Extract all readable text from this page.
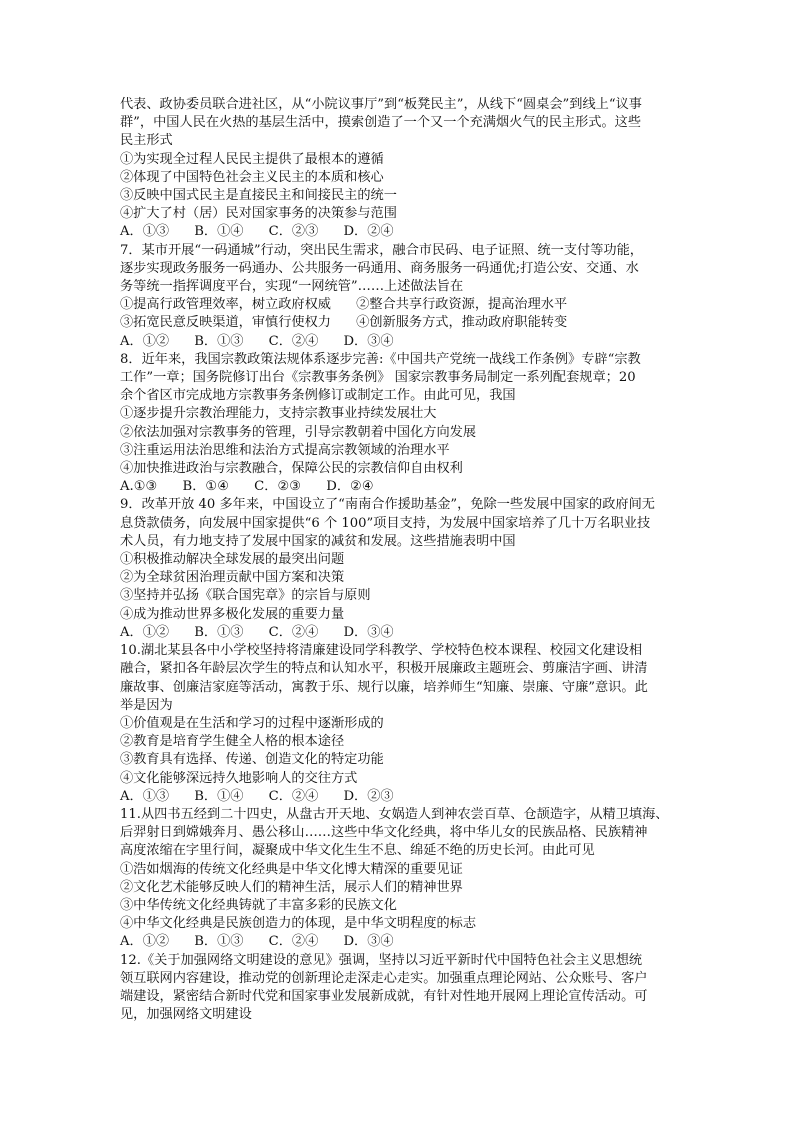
代表、政协委员联合进社区，从“小院议事厅”到“板凳民主”，从线下“圆桌会”到线上“议事
群”，中国人民在火热的基层生活中，摸索创造了一个又一个充满烟火气的民主形式。这些
民主形式
①为实现全过程人民民主提供了最根本的遵循
②体现了中国特色社会主义民主的本质和核心
③反映中国式民主是直接民主和间接民主的统一
④扩大了村（居）民对国家事务的决策参与范围
A．①③      B．①④      C．②③      D．②④
7．某市开展“一码通城”行动，突出民生需求，融合市民码、电子证照、统一支付等功能，
逐步实现政务服务一码通办、公共服务一码通用、商务服务一码通优;打造公安、交通、水
务等统一指挥调度平台，实现“一网统管”……上述做法旨在
①提高行政管理效率，树立政府权威      ②整合共享行政资源，提高治理水平
③拓宽民意反映渠道，审慎行使权力      ④创新服务方式，推动政府职能转变
A．①②      B．①③      C．②④      D．③④
8．近年来，我国宗教政策法规体系逐步完善:《中国共产党统一战线工作条例》专辟“宗教
工作”一章；国务院修订出台《宗教事务条例》 国家宗教事务局制定一系列配套规章；20
余个省区市完成地方宗教事务条例修订或制定工作。由此可见，我国
①逐步提升宗教治理能力，支持宗教事业持续发展壮大
②依法加强对宗教事务的管理，引导宗教朝着中国化方向发展
③注重运用法治思维和法治方式提高宗教领域的治理水平
④加快推进政治与宗教融合，保障公民的宗教信仰自由权利
A.①③      B．①④      C．②③      D．②④
9．改革开放 40 多年来，中国设立了“南南合作援助基金”，免除一些发展中国家的政府间无
息贷款债务，向发展中国家提供“6 个 100”项目支持，为发展中国家培养了几十万名职业技
术人员，有力地支持了发展中国家的减贫和发展。这些措施表明中国
①积极推动解决全球发展的最突出问题
②为全球贫困治理贡献中国方案和决策
③坚持并弘扬《联合国宪章》的宗旨与原则
④成为推动世界多极化发展的重要力量
A．①②      B．①③      C．②④      D．③④
10.湖北某县各中小学校坚持将清廉建设同学科教学、学校特色校本课程、校园文化建设相
融合，紧扣各年龄层次学生的特点和认知水平，积极开展廉政主题班会、剪廉洁字画、讲清
廉故事、创廉洁家庭等活动，寓教于乐、规行以廉，培养师生“知廉、崇廉、守廉”意识。此
举是因为
①价值观是在生活和学习的过程中逐渐形成的
②教育是培育学生健全人格的根本途径
③教育具有选择、传递、创造文化的特定功能
④文化能够深远持久地影响人的交往方式
A．①③      B．①④      C．②④      D．②③
11.从四书五经到二十四史，从盘古开天地、女娲造人到神农尝百草、仓颉造字，从精卫填海、
后羿射日到嫦娥奔月、愚公移山……这些中华文化经典，将中华儿女的民族品格、民族精神
高度浓缩在字里行间，凝聚成中华文化生生不息、绵延不绝的历史长河。由此可见
①浩如烟海的传统文化经典是中华文化博大精深的重要见证
②文化艺术能够反映人们的精神生活，展示人们的精神世界
③中华传统文化经典铸就了丰富多彩的民族文化
④中华文化经典是民族创造力的体现，是中华文明程度的标志
A．①②      B．①③      C．②④      D．③④
12.《关于加强网络文明建设的意见》强调，坚持以习近平新时代中国特色社会主义思想统
领互联网内容建设，推动党的创新理论走深走心走实。加强重点理论网站、公众账号、客户
端建设，紧密结合新时代党和国家事业发展新成就，有针对性地开展网上理论宣传活动。可
见，加强网络文明建设
